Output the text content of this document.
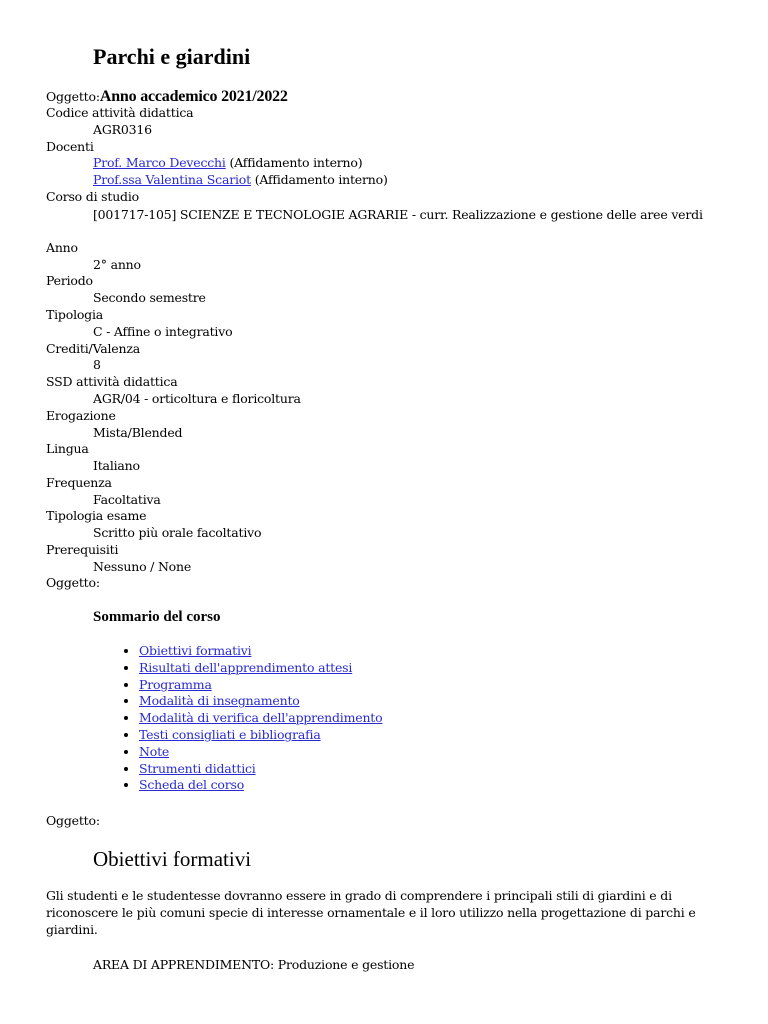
Parchi e giardini
Oggetto:Anno accademico 2021/2022
Codice attività didattica
AGR0316
Docenti
Prof. Marco Devecchi (Affidamento interno)
Prof.ssa Valentina Scariot (Affidamento interno)
Corso di studio
[001717-105] SCIENZE E TECNOLOGIE AGRARIE - curr. Realizzazione e gestione delle aree verdi
Anno
2° anno
Periodo
Secondo semestre
Tipologia
C - Affine o integrativo
Crediti/Valenza
8
SSD attività didattica
AGR/04 - orticoltura e floricoltura
Erogazione
Mista/Blended
Lingua
Italiano
Frequenza
Facoltativa
Tipologia esame
Scritto più orale facoltativo
Prerequisiti
Nessuno / None
Oggetto:
Sommario del corso
• Obiettivi formativi
• Risultati dell'apprendimento attesi
• Programma
• Modalità di insegnamento
• Modalità di verifica dell'apprendimento
• Testi consigliati e bibliografia
• Note
• Strumenti didattici
• Scheda del corso
Oggetto:
Obiettivi formativi
Gli studenti e le studentesse dovranno essere in grado di comprendere i principali stili di giardini e di riconoscere le più comuni specie di interesse ornamentale e il loro utilizzo nella progettazione di parchi e giardini.
AREA DI APPRENDIMENTO: Produzione e gestione
